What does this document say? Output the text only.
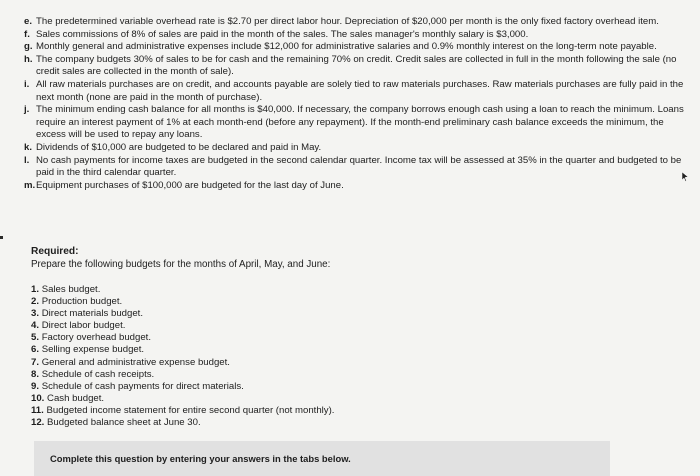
e. The predetermined variable overhead rate is $2.70 per direct labor hour. Depreciation of $20,000 per month is the only fixed factory overhead item.
f. Sales commissions of 8% of sales are paid in the month of the sales. The sales manager's monthly salary is $3,000.
g. Monthly general and administrative expenses include $12,000 for administrative salaries and 0.9% monthly interest on the long-term note payable.
h. The company budgets 30% of sales to be for cash and the remaining 70% on credit. Credit sales are collected in full in the month following the sale (no credit sales are collected in the month of sale).
i. All raw materials purchases are on credit, and accounts payable are solely tied to raw materials purchases. Raw materials purchases are fully paid in the next month (none are paid in the month of purchase).
j. The minimum ending cash balance for all months is $40,000. If necessary, the company borrows enough cash using a loan to reach the minimum. Loans require an interest payment of 1% at each month-end (before any repayment). If the month-end preliminary cash balance exceeds the minimum, the excess will be used to repay any loans.
k. Dividends of $10,000 are budgeted to be declared and paid in May.
l. No cash payments for income taxes are budgeted in the second calendar quarter. Income tax will be assessed at 35% in the quarter and budgeted to be paid in the third calendar quarter.
m. Equipment purchases of $100,000 are budgeted for the last day of June.
Required:
Prepare the following budgets for the months of April, May, and June:
1. Sales budget.
2. Production budget.
3. Direct materials budget.
4. Direct labor budget.
5. Factory overhead budget.
6. Selling expense budget.
7. General and administrative expense budget.
8. Schedule of cash receipts.
9. Schedule of cash payments for direct materials.
10. Cash budget.
11. Budgeted income statement for entire second quarter (not monthly).
12. Budgeted balance sheet at June 30.
Complete this question by entering your answers in the tabs below.
